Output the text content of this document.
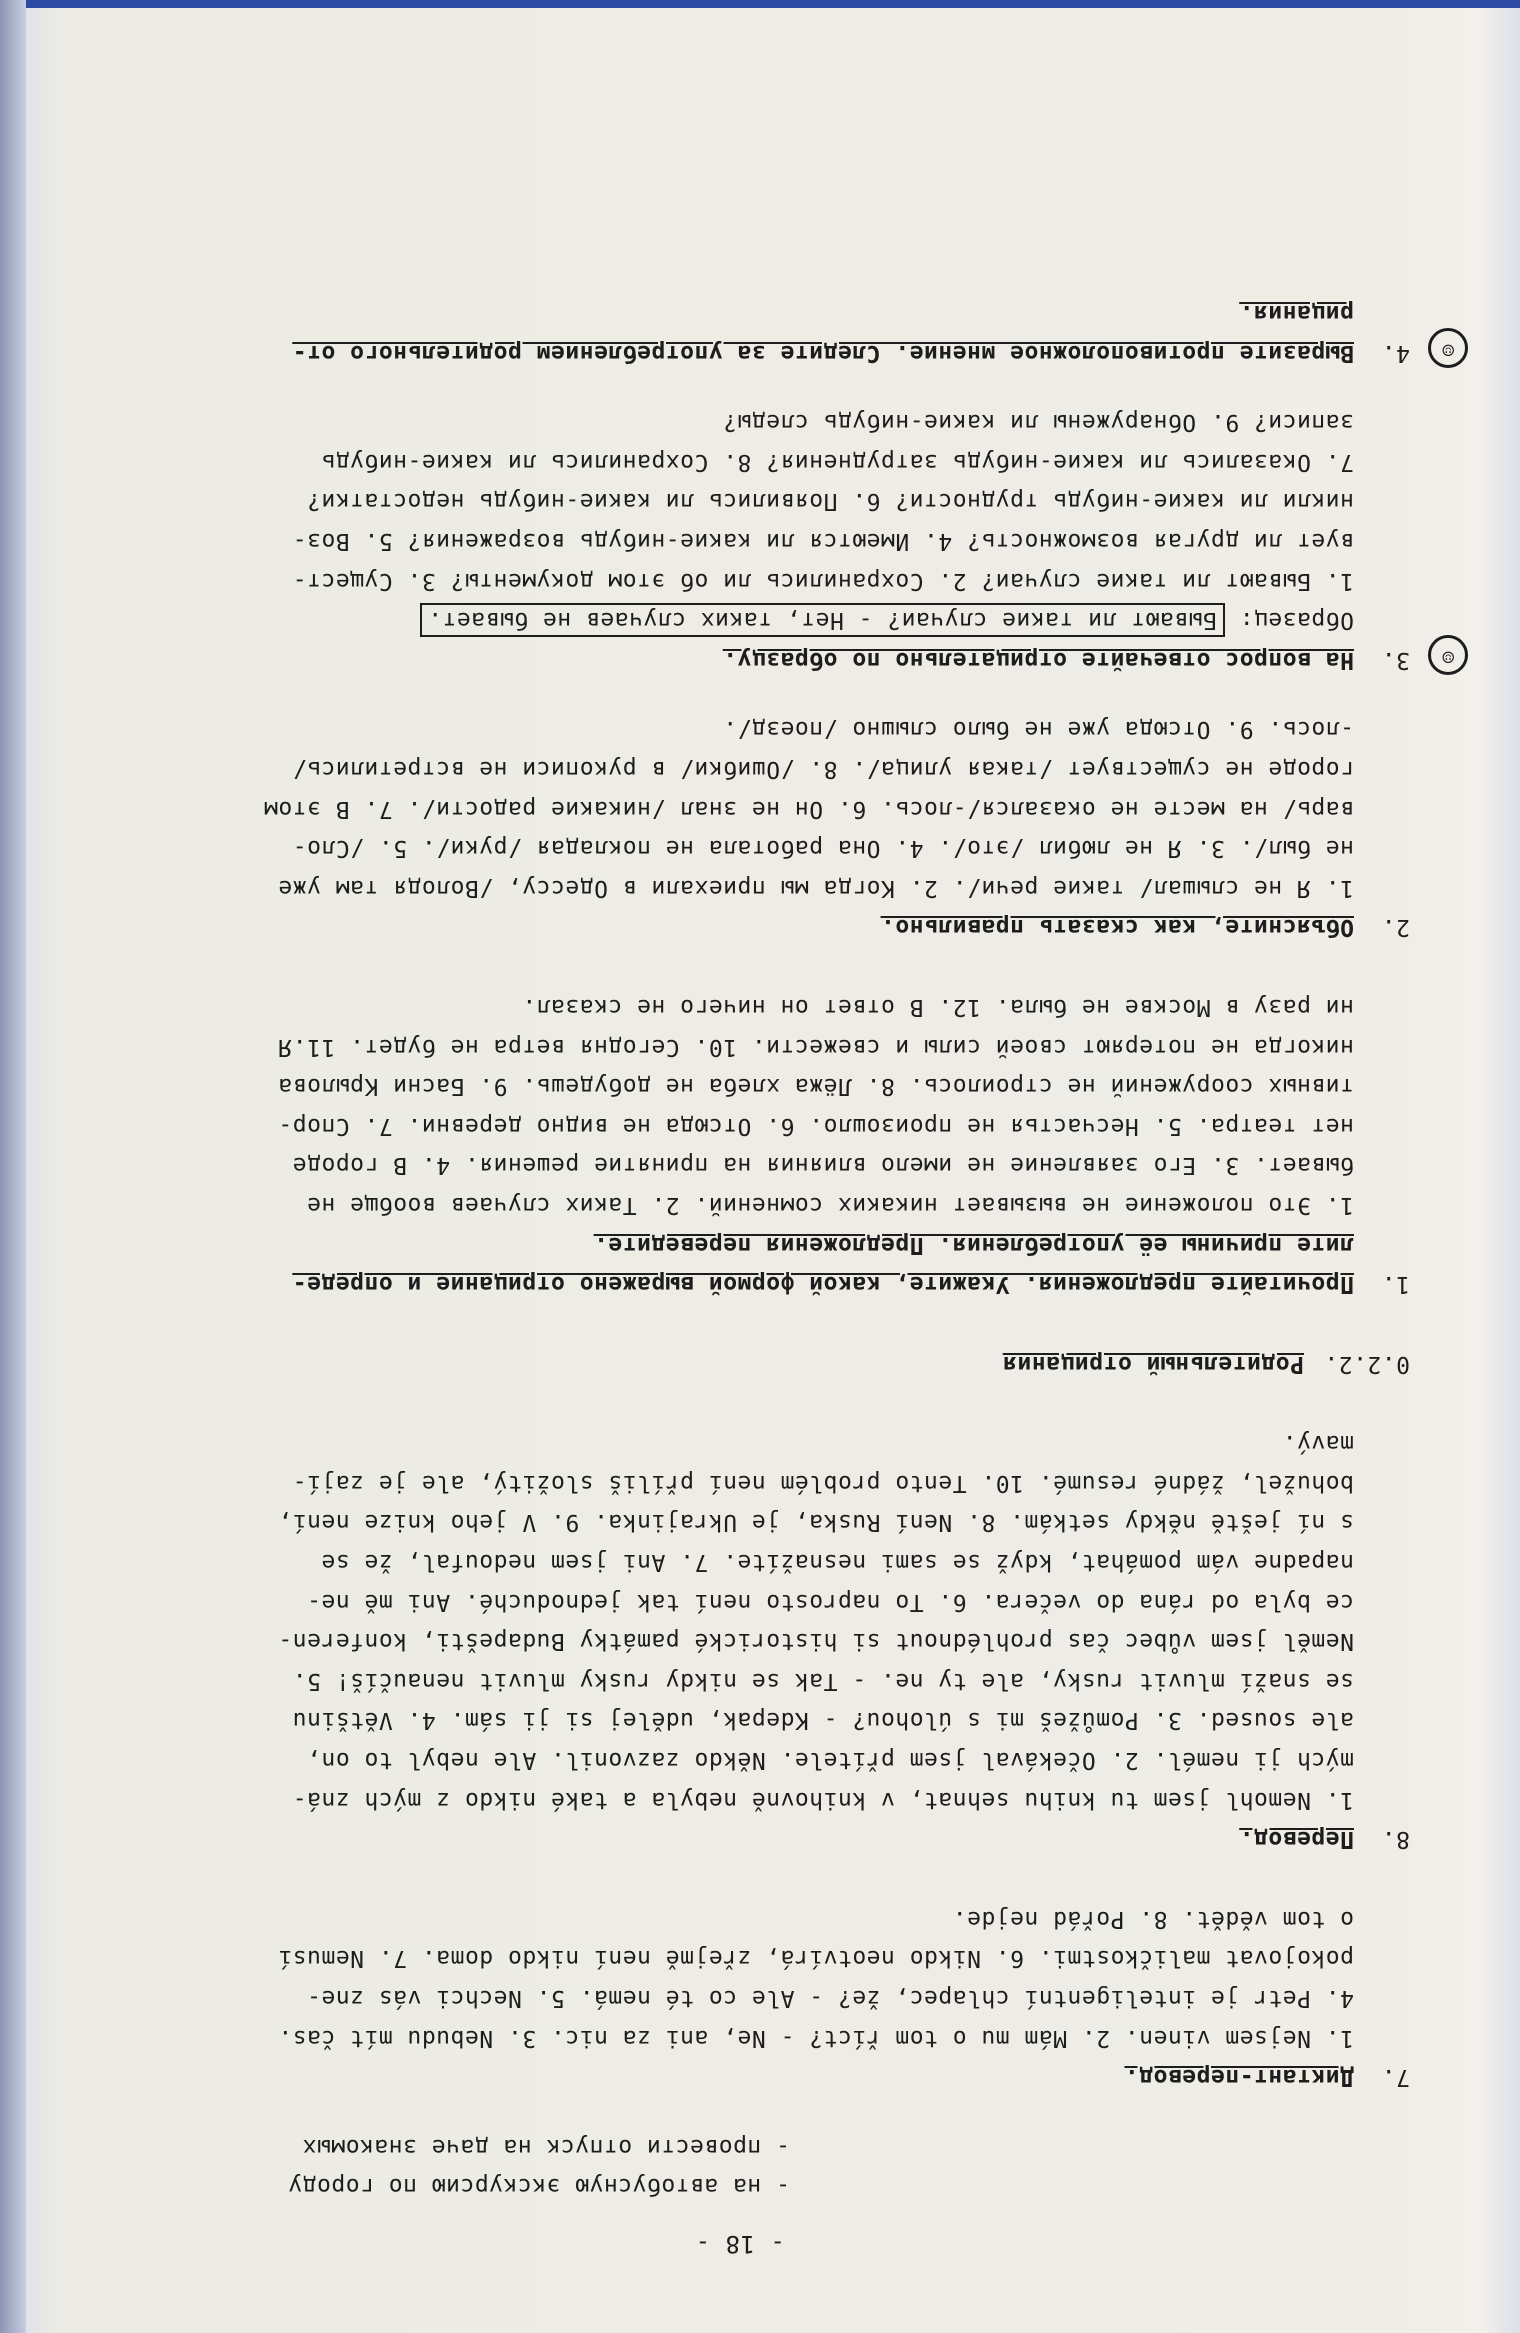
- 18 -
- на автобусную экскурсию по городу
- провести отпуск на даче знакомых
7.
Диктант-перевод.
1. Nejsem vinen. 2. Mám mu o tom říct? - Ne, ani za nic. 3. Nebudu mít čas.
4. Petr je inteligentní chlapec, že? - Ale co té nemá. 5. Nechci vás zne-
pokojovat maličkostmi. 6. Nikdo neotvírá, zřejmě není nikdo doma. 7. Nemusí
o tom vědět. 8. Pořád nejde.
8.
Перевод.
1. Nemohl jsem tu knihu sehnat, v knihovně nebyla a také nikdo z mých zná-
mých ji nemél. 2. Očekával jsem přítele. Někdo zazvonil. Ale nebyl to on,
ale soused. 3. Pomůžeš mi s úlohou? - Kdepak, udělej si ji sám. 4. Většinu
se snaží mluvit rusky, ale ty ne. - Tak se nikdy rusky mluvit nenaučíš! 5.
Neměl jsem vůbec čas prohlédnout si historické památky Budapešti, konferen-
ce byla od rána do večera. 6. To naprosto není tak jednoduché. Ani mě ne-
napadne vám pomáhat, když se sami nesnažíte. 7. Ani jsem nedoufal, že se
s ní ještě někdy setkám. 8. Není Ruska, je Ukrajinka. 9. V jeho knize není,
bohužel, žádné resumé. 10. Tento problém není příliš složitý, ale je zají-
mavý.
0.2.2.
Родительный отрицания
1.
Прочитайте предложения. Укажите, какой формой выражено отрицание и опреде-
лите причины её употребления. Предложения переведите.
1. Это положение не вызывает никаких сомнений. 2. Таких случаев вообще не
бывает. 3. Его заявление не имело влияния на принятие решения. 4. В городе
нет театра. 5. Несчастья не произошло. 6. Отсюда не видно деревни. 7. Спор-
тивных сооружений не строилось. 8. Лёжа хлеба не добудешь. 9. Басни Крылова
никогда не потеряют своей силы и свежести. 10. Сегодня ветра не будет. 11.Я
ни разу в Москве не была. 12. В ответ он ничего не сказал.
2.
Объясните, как сказать правильно.
1. Я не слышал/ такие речи/. 2. Когда мы приехали в Одессу, /Володя там уже
не был/. 3. Я не любил /это/. 4. Она работала не покладая /руки/. 5. /Сло-
варь/ на месте не оказался/-лось. 6. Он не знал /никакие радости/. 7. В этом
городе не существует /такая улица/. 8. /Ошибки/ в рукописи не встретились/
-лось. 9. Отсюда уже не было слышно /поезд/.
☺
3.
На вопрос отвечайте отрицательно по образцу.
Образец: Бывают ли такие случаи? - Нет, таких случаев не бывает.
1. Бывают ли такие случаи? 2. Сохранились ли об этом документы? 3. Сущест-
вует ли другая возможность? 4. Имеются ли какие-нибудь возражения? 5. Воз-
никли ли какие-нибудь трудности? 6. Появились ли какие-нибудь недостатки?
7. Оказались ли какие-нибудь затруднения? 8. Сохранились ли какие-нибудь
записи? 9. Обнаружены ли какие-нибудь следы?
☺
4.
Выразите противоположное мнение. Следите за употреблением родительного от-
рицания.
